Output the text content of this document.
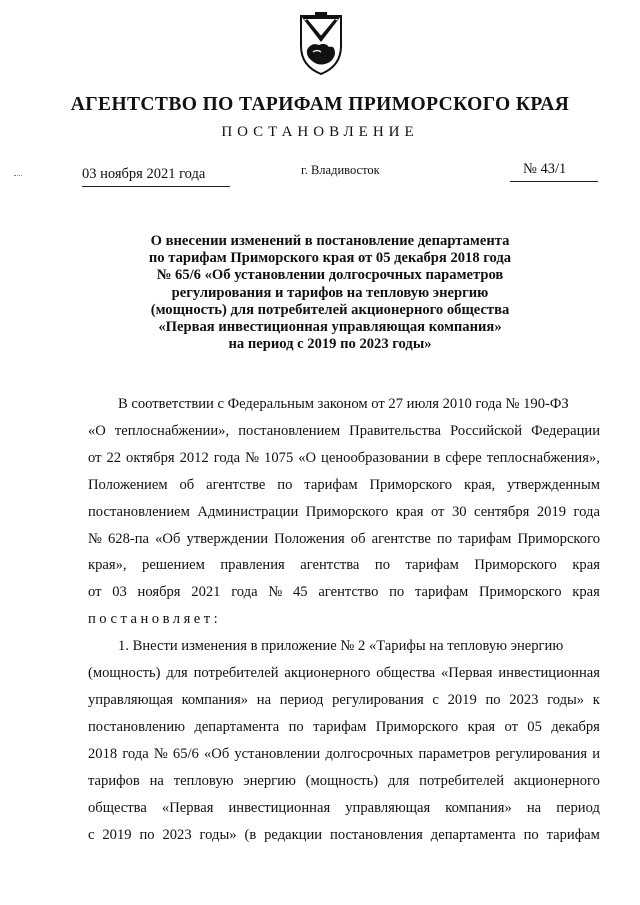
АГЕНТСТВО ПО ТАРИФАМ ПРИМОРСКОГО КРАЯ
ПОСТАНОВЛЕНИЕ
03 ноября 2021 года	г. Владивосток	№ 43/1
О внесении изменений в постановление департамента
по тарифам Приморского края от 05 декабря 2018 года
№ 65/6 «Об установлении долгосрочных параметров
регулирования и тарифов на тепловую энергию
(мощность) для потребителей акционерного общества
«Первая инвестиционная управляющая компания»
на период с 2019 по 2023 годы»
В соответствии с Федеральным законом от 27 июля 2010 года № 190-ФЗ
«О теплоснабжении», постановлением Правительства Российской Федерации
от 22 октября 2012 года № 1075 «О ценообразовании в сфере теплоснабжения»,
Положением об агентстве по тарифам Приморского края, утвержденным
постановлением Администрации Приморского края от 30 сентября 2019 года
№ 628-па «Об утверждении Положения об агентстве по тарифам Приморского
края», решением правления агентства по тарифам Приморского края
от 03 ноября 2021 года № 45 агентство по тарифам Приморского края
постановляет:
1. Внести изменения в приложение № 2 «Тарифы на тепловую энергию
(мощность) для потребителей акционерного общества «Первая инвестиционная
управляющая компания» на период регулирования с 2019 по 2023 годы» к
постановлению департамента по тарифам Приморского края от 05 декабря
2018 года № 65/6 «Об установлении долгосрочных параметров регулирования и
тарифов на тепловую энергию (мощность) для потребителей акционерного
общества «Первая инвестиционная управляющая компания» на период
с 2019 по 2023 годы» (в редакции постановления департамента по тарифам
